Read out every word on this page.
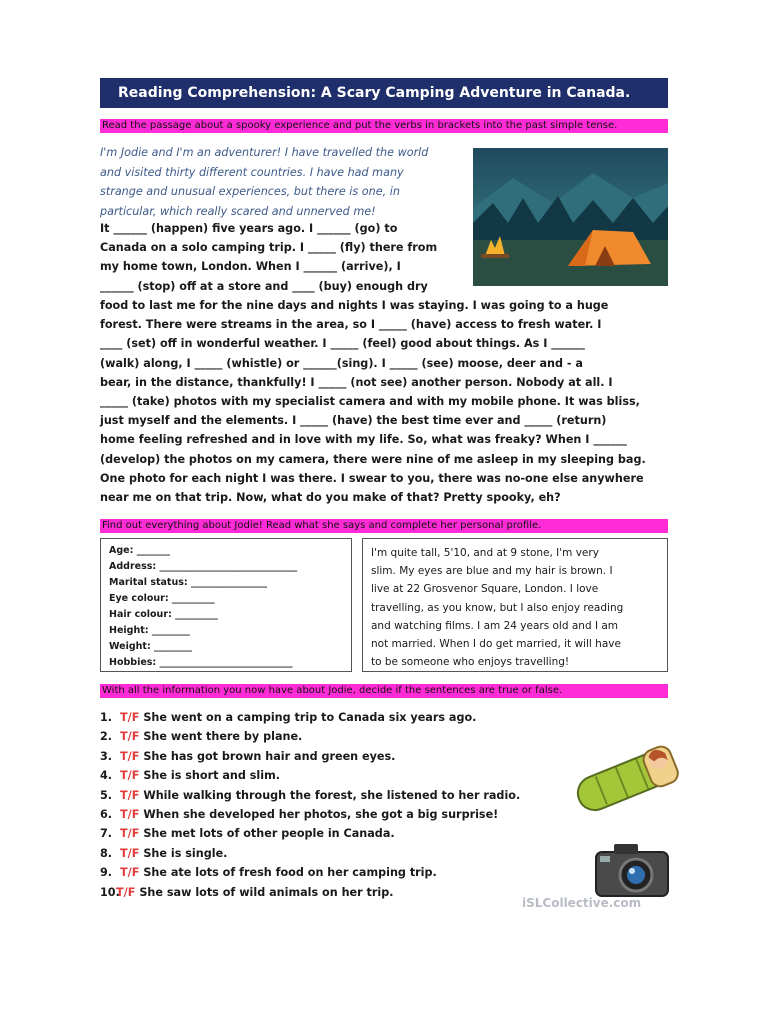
Reading Comprehension: A Scary Camping Adventure in Canada.
Read the passage about a spooky experience and put the verbs in brackets into the past simple tense.
I'm Jodie and I'm an adventurer! I have travelled the world
and visited thirty different countries. I have had many
strange and unusual experiences, but there is one, in
particular, which really scared and unnerved me!
It ______ (happen) five years ago. I ______ (go) to
Canada on a solo camping trip. I _____ (fly) there from
my home town, London. When I ______ (arrive), I
______ (stop) off at a store and ____ (buy) enough dry
food to last me for the nine days and nights I was staying. I was going to a huge
forest. There were streams in the area, so I _____ (have) access to fresh water. I
____ (set) off in wonderful weather. I _____ (feel) good about things. As I ______
(walk) along, I _____ (whistle) or ______(sing). I _____ (see) moose, deer and - a
bear, in the distance, thankfully! I _____ (not see) another person. Nobody at all. I
_____ (take) photos with my specialist camera and with my mobile phone. It was bliss,
just myself and the elements. I _____ (have) the best time ever and _____ (return)
home feeling refreshed and in love with my life. So, what was freaky? When I ______
(develop) the photos on my camera, there were nine of me asleep in my sleeping bag.
One photo for each night I was there. I swear to you, there was no-one else anywhere
near me on that trip. Now, what do you make of that? Pretty spooky, eh?
Find out everything about Jodie! Read what she says and complete her personal profile.
Age: _______
Address: _____________________________
Marital status: ________________
Eye colour: _________
Hair colour: _________
Height: ________
Weight: ________
Hobbies: ____________________________
I'm quite tall, 5'10, and at 9 stone, I'm very
slim. My eyes are blue and my hair is brown. I
live at 22 Grosvenor Square, London. I love
travelling, as you know, but I also enjoy reading
and watching films. I am 24 years old and I am
not married. When I do get married, it will have
to be someone who enjoys travelling!
With all the information you now have about Jodie, decide if the sentences are true or false.
1. T/F She went on a camping trip to Canada six years ago.
2. T/F She went there by plane.
3. T/F She has got brown hair and green eyes.
4. T/F She is short and slim.
5. T/F While walking through the forest, she listened to her radio.
6. T/F When she developed her photos, she got a big surprise!
7. T/F She met lots of other people in Canada.
8. T/F She is single.
9. T/F She ate lots of fresh food on her camping trip.
10.T/F She saw lots of wild animals on her trip.
iSLCollective.com
